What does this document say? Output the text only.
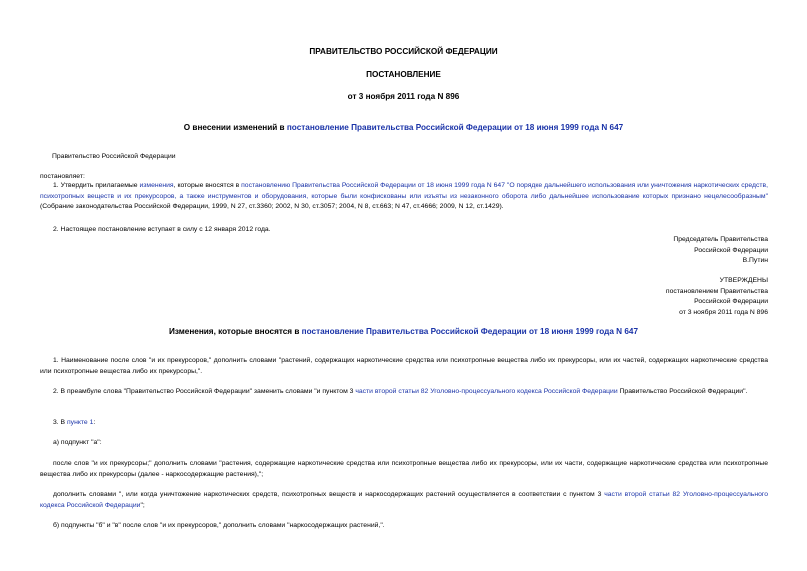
ПРАВИТЕЛЬСТВО РОССИЙСКОЙ ФЕДЕРАЦИИ
ПОСТАНОВЛЕНИЕ
от 3 ноября 2011 года N 896
О внесении изменений в постановление Правительства Российской Федерации от 18 июня 1999 года N 647
Правительство Российской Федерации
постановляет:
1. Утвердить прилагаемые изменения, которые вносятся в постановлению Правительства Российской Федерации от 18 июня 1999 года N 647 "О порядке дальнейшего использования или уничтожения наркотических средств, психотропных веществ и их прекурсоров, а также инструментов и оборудования, которые были конфискованы или изъяты из незаконного оборота либо дальнейшее использование которых признано нецелесообразным" (Собрание законодательства Российской Федерации, 1999, N 27, ст.3360; 2002, N 30, ст.3057; 2004, N 8, ст.663; N 47, ст.4666; 2009, N 12, ст.1429).
2. Настоящее постановление вступает в силу с 12 января 2012 года.
Председатель Правительства
Российской Федерации
В.Путин
УТВЕРЖДЕНЫ
постановлением Правительства
Российской Федерации
от 3 ноября 2011 года N 896
Изменения, которые вносятся в постановление Правительства Российской Федерации от 18 июня 1999 года N 647
1. Наименование после слов "и их прекурсоров," дополнить словами "растений, содержащих наркотические средства или психотропные вещества либо их прекурсоры, или их частей, содержащих наркотические средства или психотропные вещества либо их прекурсоры,".
2. В преамбуле слова "Правительство Российской Федерации" заменить словами "и пунктом 3 части второй статьи 82 Уголовно-процессуального кодекса Российской Федерации Правительство Российской Федерации".
3. В пункте 1:
а) подпункт "а":
после слов "и их прекурсоры;" дополнить словами "растения, содержащие наркотические средства или психотропные вещества либо их прекурсоры, или их части, содержащие наркотические средства или психотропные вещества либо их прекурсоры (далее - наркосодержащие растения),";
дополнить словами ", или когда уничтожение наркотических средств, психотропных веществ и наркосодержащих растений осуществляется в соответствии с пунктом 3 части второй статьи 82 Уголовно-процессуального кодекса Российской Федерации";
б) подпункты "б" и "в" после слов "и их прекурсоров," дополнить словами "наркосодержащих растений,".
